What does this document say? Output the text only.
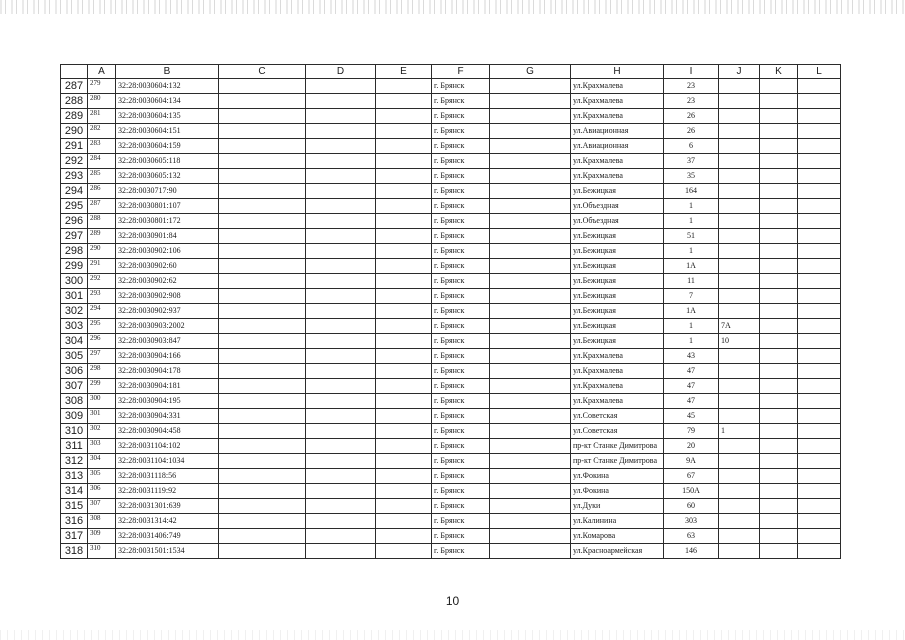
	A	B	C	D	E	F	G	H	I	J	K	L
287	279	32:28:0030604:132				г. Брянск		ул.Крахмалева	23			
288	280	32:28:0030604:134				г. Брянск		ул.Крахмалева	23			
289	281	32:28:0030604:135				г. Брянск		ул.Крахмалева	26			
290	282	32:28:0030604:151				г. Брянск		ул.Авиационная	26			
291	283	32:28:0030604:159				г. Брянск		ул.Авиационная	6			
292	284	32:28:0030605:118				г. Брянск		ул.Крахмалева	37			
293	285	32:28:0030605:132				г. Брянск		ул.Крахмалева	35			
294	286	32:28:0030717:90				г. Брянск		ул.Бежицкая	164			
295	287	32:28:0030801:107				г. Брянск		ул.Объездная	1			
296	288	32:28:0030801:172				г. Брянск		ул.Объездная	1			
297	289	32:28:0030901:84				г. Брянск		ул.Бежицкая	51			
298	290	32:28:0030902:106				г. Брянск		ул.Бежицкая	1			
299	291	32:28:0030902:60				г. Брянск		ул.Бежицкая	1А			
300	292	32:28:0030902:62				г. Брянск		ул.Бежицкая	11			
301	293	32:28:0030902:908				г. Брянск		ул.Бежицкая	7			
302	294	32:28:0030902:937				г. Брянск		ул.Бежицкая	1А			
303	295	32:28:0030903:2002				г. Брянск		ул.Бежицкая	1	7А		
304	296	32:28:0030903:847				г. Брянск		ул.Бежицкая	1	10		
305	297	32:28:0030904:166				г. Брянск		ул.Крахмалева	43			
306	298	32:28:0030904:178				г. Брянск		ул.Крахмалева	47			
307	299	32:28:0030904:181				г. Брянск		ул.Крахмалева	47			
308	300	32:28:0030904:195				г. Брянск		ул.Крахмалева	47			
309	301	32:28:0030904:331				г. Брянск		ул.Советская	45			
310	302	32:28:0030904:458				г. Брянск		ул.Советская	79	1		
311	303	32:28:0031104:102				г. Брянск		пр-кт Станке Димитрова	20			
312	304	32:28:0031104:1034				г. Брянск		пр-кт Станке Димитрова	9А			
313	305	32:28:0031118:56				г. Брянск		ул.Фокина	67			
314	306	32:28:0031119:92				г. Брянск		ул.Фокина	150А			
315	307	32:28:0031301:639				г. Брянск		ул.Дуки	60			
316	308	32:28:0031314:42				г. Брянск		ул.Калинина	303			
317	309	32:28:0031406:749				г. Брянск		ул.Комарова	63			
318	310	32:28:0031501:1534				г. Брянск		ул.Красноармейская	146			
10
